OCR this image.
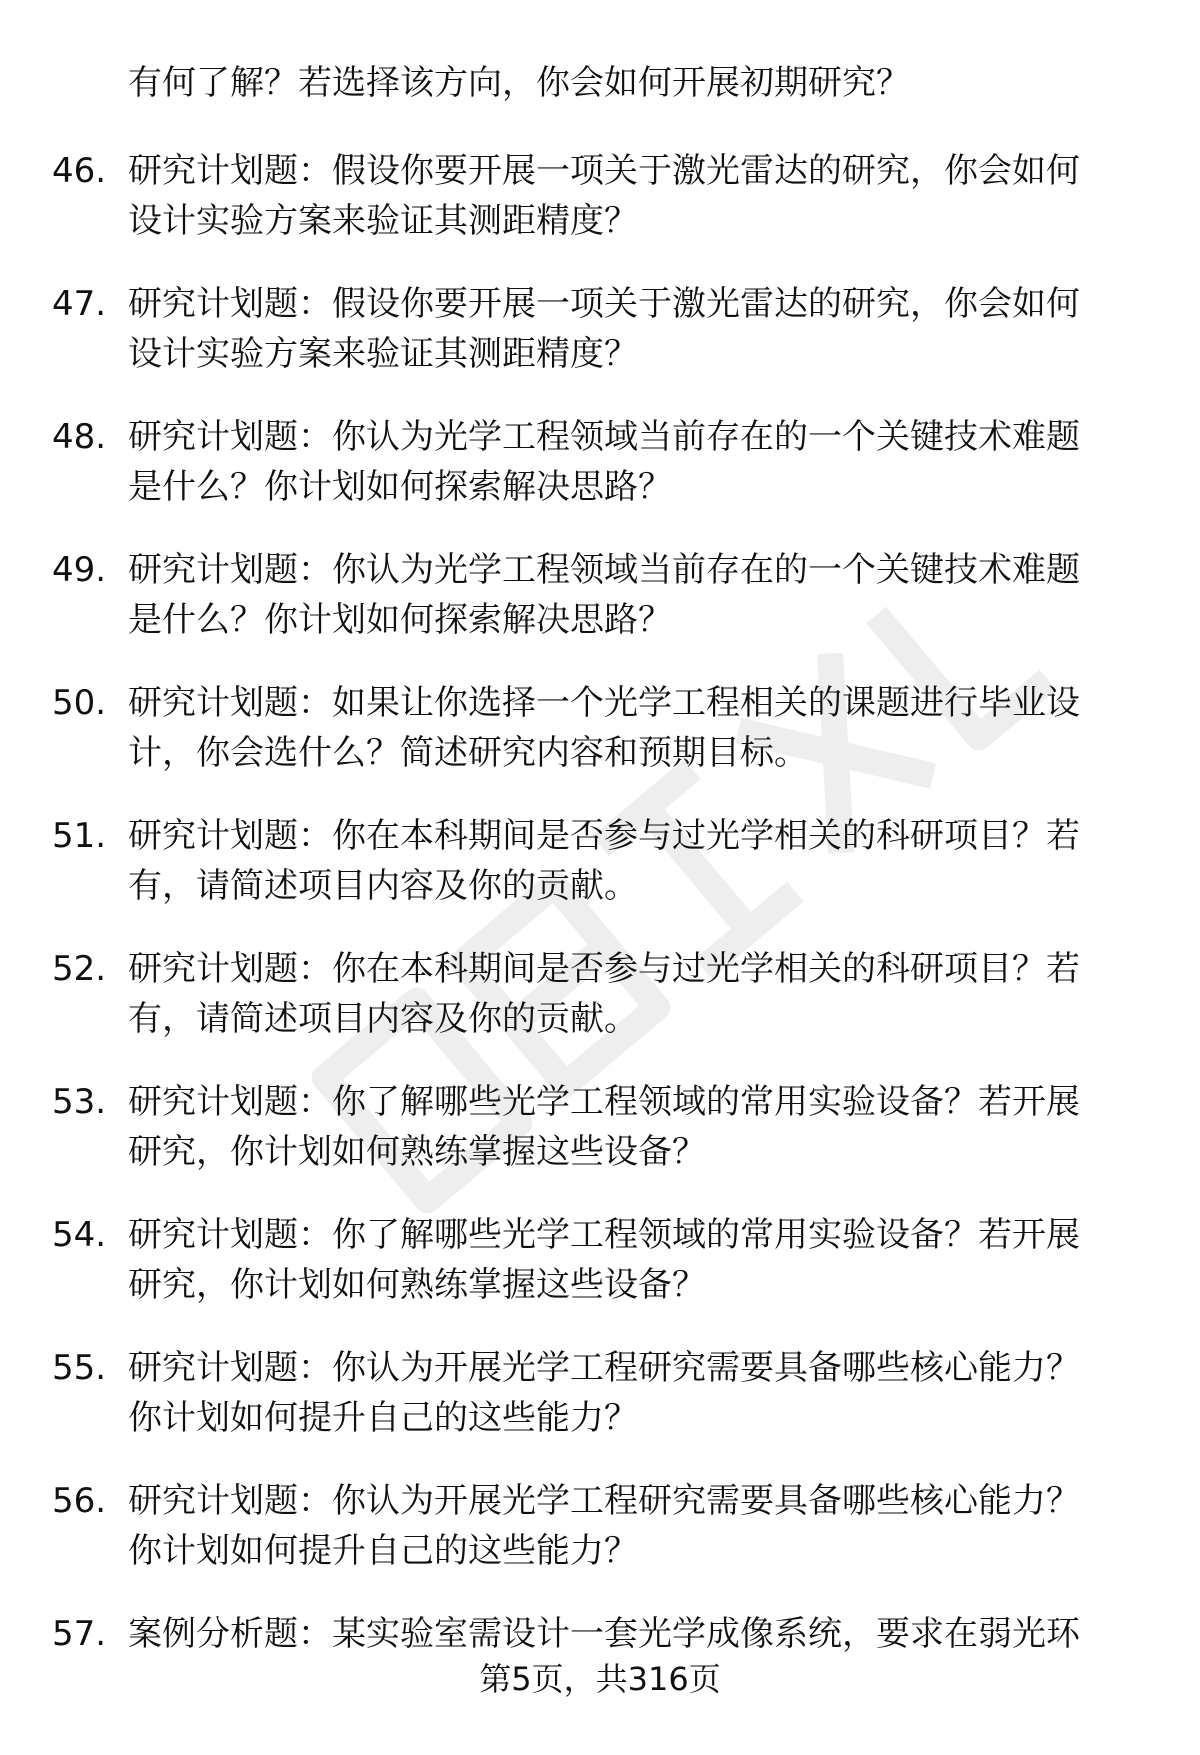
有何了解？若选择该方向，你会如何开展初期研究？

46. 研究计划题：假设你要开展一项关于激光雷达的研究，你会如何
设计实验方案来验证其测距精度？
47. 研究计划题：假设你要开展一项关于激光雷达的研究，你会如何
设计实验方案来验证其测距精度？
48. 研究计划题：你认为光学工程领域当前存在的一个关键技术难题
是什么？你计划如何探索解决思路？
49. 研究计划题：你认为光学工程领域当前存在的一个关键技术难题
是什么？你计划如何探索解决思路？
50. 研究计划题：如果让你选择一个光学工程相关的课题进行毕业设
计，你会选什么？简述研究内容和预期目标。
51. 研究计划题：你在本科期间是否参与过光学相关的科研项目？若
有，请简述项目内容及你的贡献。
52. 研究计划题：你在本科期间是否参与过光学相关的科研项目？若
有，请简述项目内容及你的贡献。
53. 研究计划题：你了解哪些光学工程领域的常用实验设备？若开展
研究，你计划如何熟练掌握这些设备？
54. 研究计划题：你了解哪些光学工程领域的常用实验设备？若开展
研究，你计划如何熟练掌握这些设备？
55. 研究计划题：你认为开展光学工程研究需要具备哪些核心能力？
你计划如何提升自己的这些能力？
56. 研究计划题：你认为开展光学工程研究需要具备哪些核心能力？
你计划如何提升自己的这些能力？
57. 案例分析题：某实验室需设计一套光学成像系统，要求在弱光环
第5页，共316页
